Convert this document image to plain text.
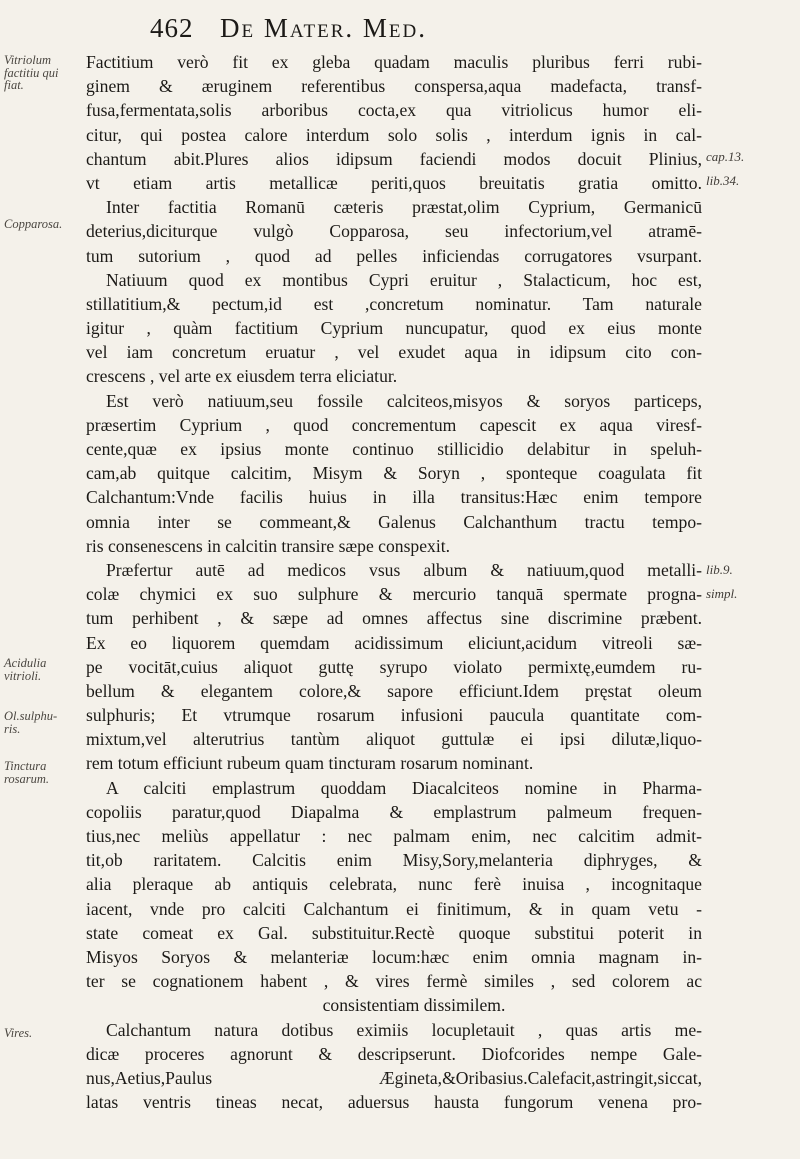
462 De Mater. Med.
Vitriolum
factitiu qui
fiat.
Copparosa.
Acidulia
vitrioli.
Ol.sulphu-
ris.
Tinctura
rosarum.
Vires.
cap.13.
lib.34.
lib.9.
simpl.
Factitium verò fit ex gleba quadam maculis pluribus ferri rubi-
ginem & æruginem referentibus conspersa,aqua madefacta, transf-
fusa,fermentata,solis arboribus cocta,ex qua vitriolicus humor eli-
citur, qui postea calore interdum solo solis , interdum ignis in cal-
chantum abit.Plures alios idipsum faciendi modos docuit Plinius,
vt etiam artis metallicæ periti,quos breuitatis gratia omitto.
Inter factitia Romanū cæteris præstat,olim Cyprium, Germanicū
deterius,diciturque vulgò Copparosa, seu infectorium,vel atramē-
tum sutorium , quod ad pelles inficiendas corrugatores vsurpant.
Natiuum quod ex montibus Cypri eruitur , Stalacticum, hoc est,
stillatitium,& pectum,id est ,concretum nominatur. Tam naturale
igitur , quàm factitium Cyprium nuncupatur, quod ex eius monte
vel iam concretum eruatur , vel exudet aqua in idipsum cito con-
crescens , vel arte ex eiusdem terra eliciatur.
Est verò natiuum,seu fossile calciteos,misyos & soryos particeps,
præsertim Cyprium , quod concrementum capescit ex aqua viresf-
cente,quæ ex ipsius monte continuo stillicidio delabitur in speluh-
cam,ab quitque calcitim, Misym & Soryn , sponteque coagulata fit
Calchantum:Vnde facilis huius in illa transitus:Hæc enim tempore
omnia inter se commeant,& Galenus Calchanthum tractu tempo-
ris consenescens in calcitin transire sæpe conspexit.
Præfertur autē ad medicos vsus album & natiuum,quod metalli-
colæ chymici ex suo sulphure & mercurio tanquā spermate progna-
tum perhibent , & sæpe ad omnes affectus sine discrimine præbent.
Ex eo liquorem quemdam acidissimum eliciunt,acidum vitreoli sæ-
pe vocitāt,cuius aliquot guttę syrupo violato permixtę,eumdem ru-
bellum & elegantem colore,& sapore efficiunt.Idem pręstat oleum
sulphuris; Et vtrumque rosarum infusioni paucula quantitate com-
mixtum,vel alterutrius tantùm aliquot guttulæ ei ipsi dilutæ,liquo-
rem totum efficiunt rubeum quam tincturam rosarum nominant.
A calciti emplastrum quoddam Diacalciteos nomine in Pharma-
copoliis paratur,quod Diapalma & emplastrum palmeum frequen-
tius,nec meliùs appellatur : nec palmam enim, nec calcitim admit-
tit,ob raritatem. Calcitis enim Misy,Sory,melanteria diphryges, &
alia pleraque ab antiquis celebrata, nunc ferè inuisa , incognitaque
iacent, vnde pro calciti Calchantum ei finitimum, & in quam vetu -
state comeat ex Gal. substituitur.Rectè quoque substitui poterit in
Misyos Soryos & melanteriæ locum:hæc enim omnia magnam in-
ter se cognationem habent , & vires fermè similes , sed colorem ac
consistentiam dissimilem.
Calchantum natura dotibus eximiis locupletauit , quas artis me-
dicæ proceres agnorunt & descripserunt. Diofcorides nempe Gale-
nus,Aetius,Paulus Ægineta,&Oribasius.Calefacit,astringit,siccat,
latas ventris tineas necat, aduersus hausta fungorum venena pro-
